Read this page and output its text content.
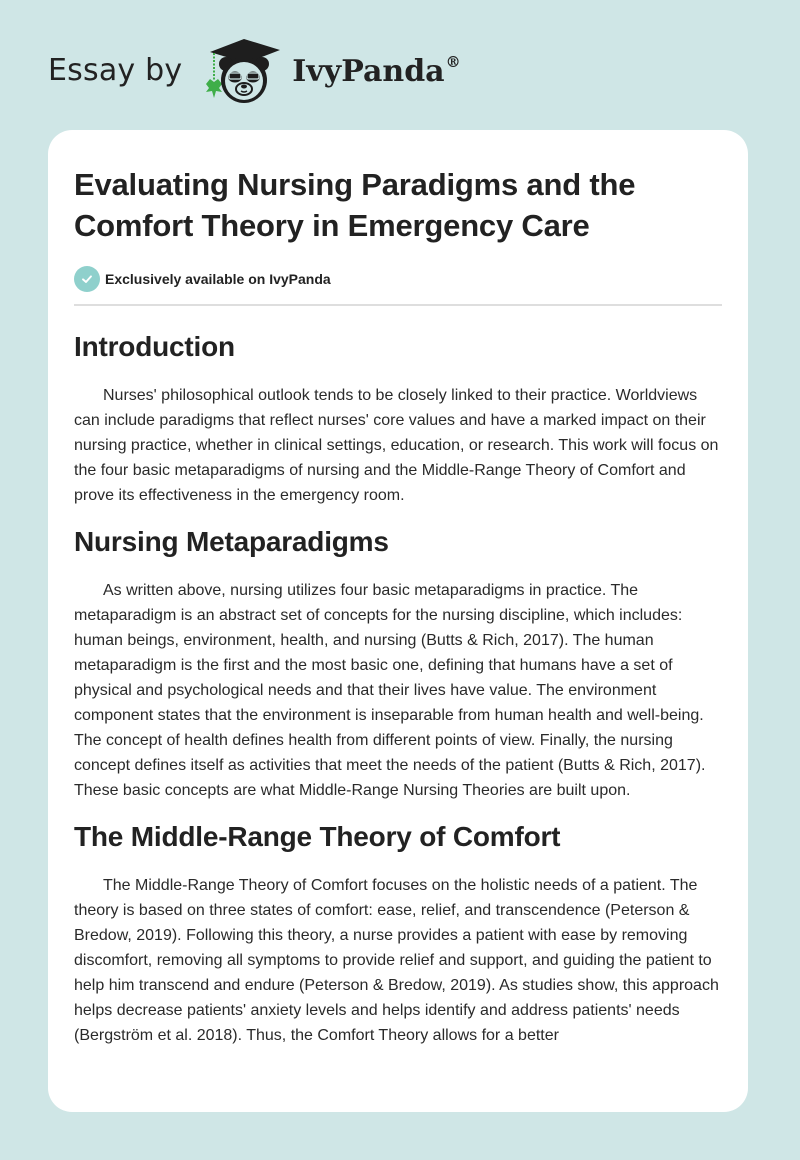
Essay by	IvyPanda®
Evaluating Nursing Paradigms and the Comfort Theory in Emergency Care
Exclusively available on IvyPanda
Introduction

Nurses' philosophical outlook tends to be closely linked to their practice. Worldviews can include paradigms that reflect nurses' core values and have a marked impact on their nursing practice, whether in clinical settings, education, or research. This work will focus on the four basic metaparadigms of nursing and the Middle-Range Theory of Comfort and prove its effectiveness in the emergency room.

Nursing Metaparadigms

As written above, nursing utilizes four basic metaparadigms in practice. The metaparadigm is an abstract set of concepts for the nursing discipline, which includes: human beings, environment, health, and nursing (Butts & Rich, 2017). The human metaparadigm is the first and the most basic one, defining that humans have a set of physical and psychological needs and that their lives have value. The environment component states that the environment is inseparable from human health and well-being. The concept of health defines health from different points of view. Finally, the nursing concept defines itself as activities that meet the needs of the patient (Butts & Rich, 2017). These basic concepts are what Middle-Range Nursing Theories are built upon.

The Middle-Range Theory of Comfort

The Middle-Range Theory of Comfort focuses on the holistic needs of a patient. The theory is based on three states of comfort: ease, relief, and transcendence (Peterson & Bredow, 2019). Following this theory, a nurse provides a patient with ease by removing discomfort, removing all symptoms to provide relief and support, and guiding the patient to help him transcend and endure (Peterson & Bredow, 2019). As studies show, this approach helps decrease patients' anxiety levels and helps identify and address patients' needs (Bergström et al. 2018). Thus, the Comfort Theory allows for a better
